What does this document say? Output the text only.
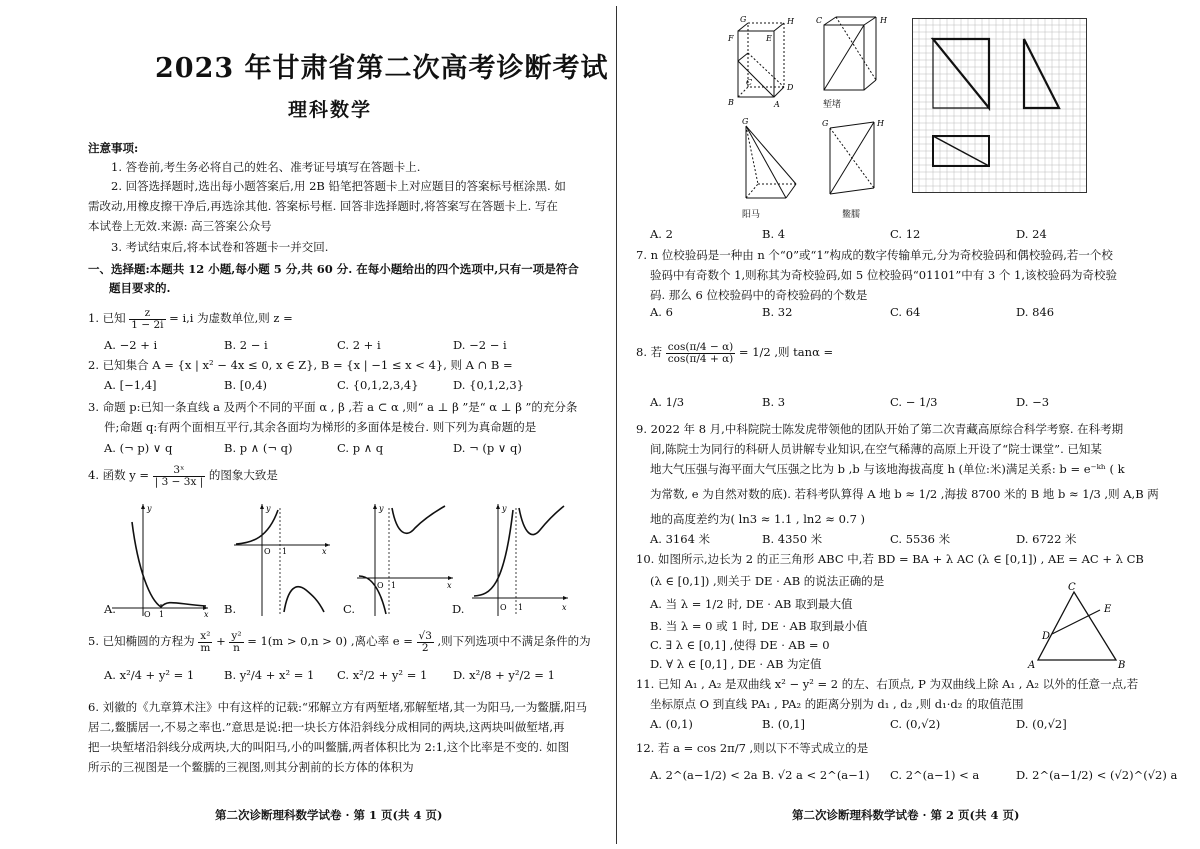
2023 年甘肃省第二次高考诊断考试
理科数学
注意事项:
1. 答卷前,考生务必将自己的姓名、准考证号填写在答题卡上.
2. 回答选择题时,选出每小题答案后,用 2B 铅笔把答题卡上对应题目的答案标号框涂黑. 如
需改动,用橡皮擦干净后,再选涂其他. 答案标号框. 回答非选择题时,将答案写在答题卡上. 写在
本试卷上无效.来源: 高三答案公众号
3. 考试结束后,将本试卷和答题卡一并交回.
一、选择题:本题共 12 小题,每小题 5 分,共 60 分. 在每小题给出的四个选项中,只有一项是符合
题目要求的.
1. 已知 $\frac{z}{1 - 2i} = i,i$ 为虚数单位,则 z =
A. −2 + i	B. 2 − i	C. 2 + i	D. −2 − i
2. 已知集合 A = {x | x² − 4x ≤ 0, x ∈ Z}, B = {x | −1 ≤ x < 4}, 则 A ∩ B =
A. [−1,4]	B. [0,4)	C. {0,1,2,3,4}	D. {0,1,2,3}
3. 命题 p:已知一条直线 a 及两个不同的平面 α , β ,若 a ⊂ α ,则“ a ⊥ β ”是“ α ⊥ β ”的充分条
件;命题 q:有两个面相互平行,其余各面均为梯形的多面体是棱台. 则下列为真命题的是
A. (¬ p) ∨ q	B. p ∧ (¬ q)	C. p ∧ q	D. ¬ (p ∨ q)
4. 函数 $y = \frac{\text{3ˣ}}{| 3 - 3x |}$ 的图象大致是
y
x
O 1
A.
y
x
O 1
B.
y
x
O 1
C.
y
x
O 1
D.
5. 已知椭圆的方程为 $\frac{\text{x²}}{m} + \frac{\text{y²}}{n} = 1(m > 0,n > 0)$ ,离心率 $e = \frac{√3}{2}$ ,则下列选项中不满足条件的为
A. x²/4 + y² = 1	B. y²/4 + x² = 1 C. x²/2 + y² = 1 D. x²/8 + y²/2 = 1
6. 刘徽的《九章算术注》中有这样的记载:“邪解立方有两堑堵,邪解堑堵,其一为阳马,一为鳖臑,阳马
居二,鳖臑居一,不易之率也.”意思是说:把一块长方体沿斜线分成相同的两块,这两块叫做堑堵,再
把一块堑堵沿斜线分成两块,大的叫阳马,小的叫鳖臑,两者体积比为 2:1,这个比率是不变的. 如图
所示的三视图是一个鳖臑的三视图,则其分割前的长方体的体积为
第二次诊断理科数学试卷 · 第 1 页(共 4 页)
G	H
F	E
B
C
D
A
C	H
堑堵
G
阳马
G	H
鳖臑
A. 2	B. 4	C. 12	D. 24
7. n 位校验码是一种由 n 个“0”或“1”构成的数字传输单元,分为奇校验码和偶校验码,若一个校
验码中有奇数个 1,则称其为奇校验码,如 5 位校验码“01101”中有 3 个 1,该校验码为奇校验
码. 那么 6 位校验码中的奇校验码的个数是
A. 6	B. 32	C. 64	D. 846
8. 若 $\frac{\cos(\pi/4 - \alpha)}{\cos(\pi/4 + \alpha)} = 1/2$ ,则 tanα =
A. 1/3	B. 3	C. − 1/3	D. −3
9. 2022 年 8 月,中科院院士陈发虎带领他的团队开始了第二次青藏高原综合科学考察. 在科考期
间,陈院士为同行的科研人员讲解专业知识,在空气稀薄的高原上开设了“院士课堂”. 已知某
地大气压强与海平面大气压强之比为 b ,b 与该地海拔高度 h (单位:米)满足关系: b = e⁻ᵏʰ ( k
为常数, e 为自然对数的底). 若科考队算得 A 地 b ≈ 1/2 ,海拔 8700 米的 B 地 b ≈ 1/3 ,则 A,B 两
地的高度差约为( ln3 ≈ 1.1 , ln2 ≈ 0.7 )
A. 3164 米	B. 4350 米	C. 5536 米	D. 6722 米
10. 如图所示,边长为 2 的正三角形 ABC 中,若 BD = BA + λ AC (λ ∈ [0,1]) , AE = AC + λ CB
(λ ∈ [0,1]) ,则关于 DE · AB 的说法正确的是
A. 当 λ = 1/2 时, DE · AB 取到最大值
B. 当 λ = 0 或 1 时, DE · AB 取到最小值
C. ∃ λ ∈ [0,1] ,使得 DE · AB = 0
D. ∀ λ ∈ [0,1] , DE · AB 为定值
C
E
D
A	B
11. 已知 A₁ , A₂ 是双曲线 x² − y² = 2 的左、右顶点, P 为双曲线上除 A₁ , A₂ 以外的任意一点,若
坐标原点 O 到直线 PA₁ , PA₂ 的距离分别为 d₁ , d₂ ,则 d₁·d₂ 的取值范围
A. (0,1)	B. (0,1]	C. (0,√2)	D. (0,√2]
12. 若 a = cos 2π/7 ,则以下不等式成立的是
A. 2^(a−1/2) < 2a B. √2 a < 2^(a−1) C. 2^(a−1) < a	D. 2^(a−1/2) < (√2)^(√2) a
第二次诊断理科数学试卷 · 第 2 页(共 4 页)
